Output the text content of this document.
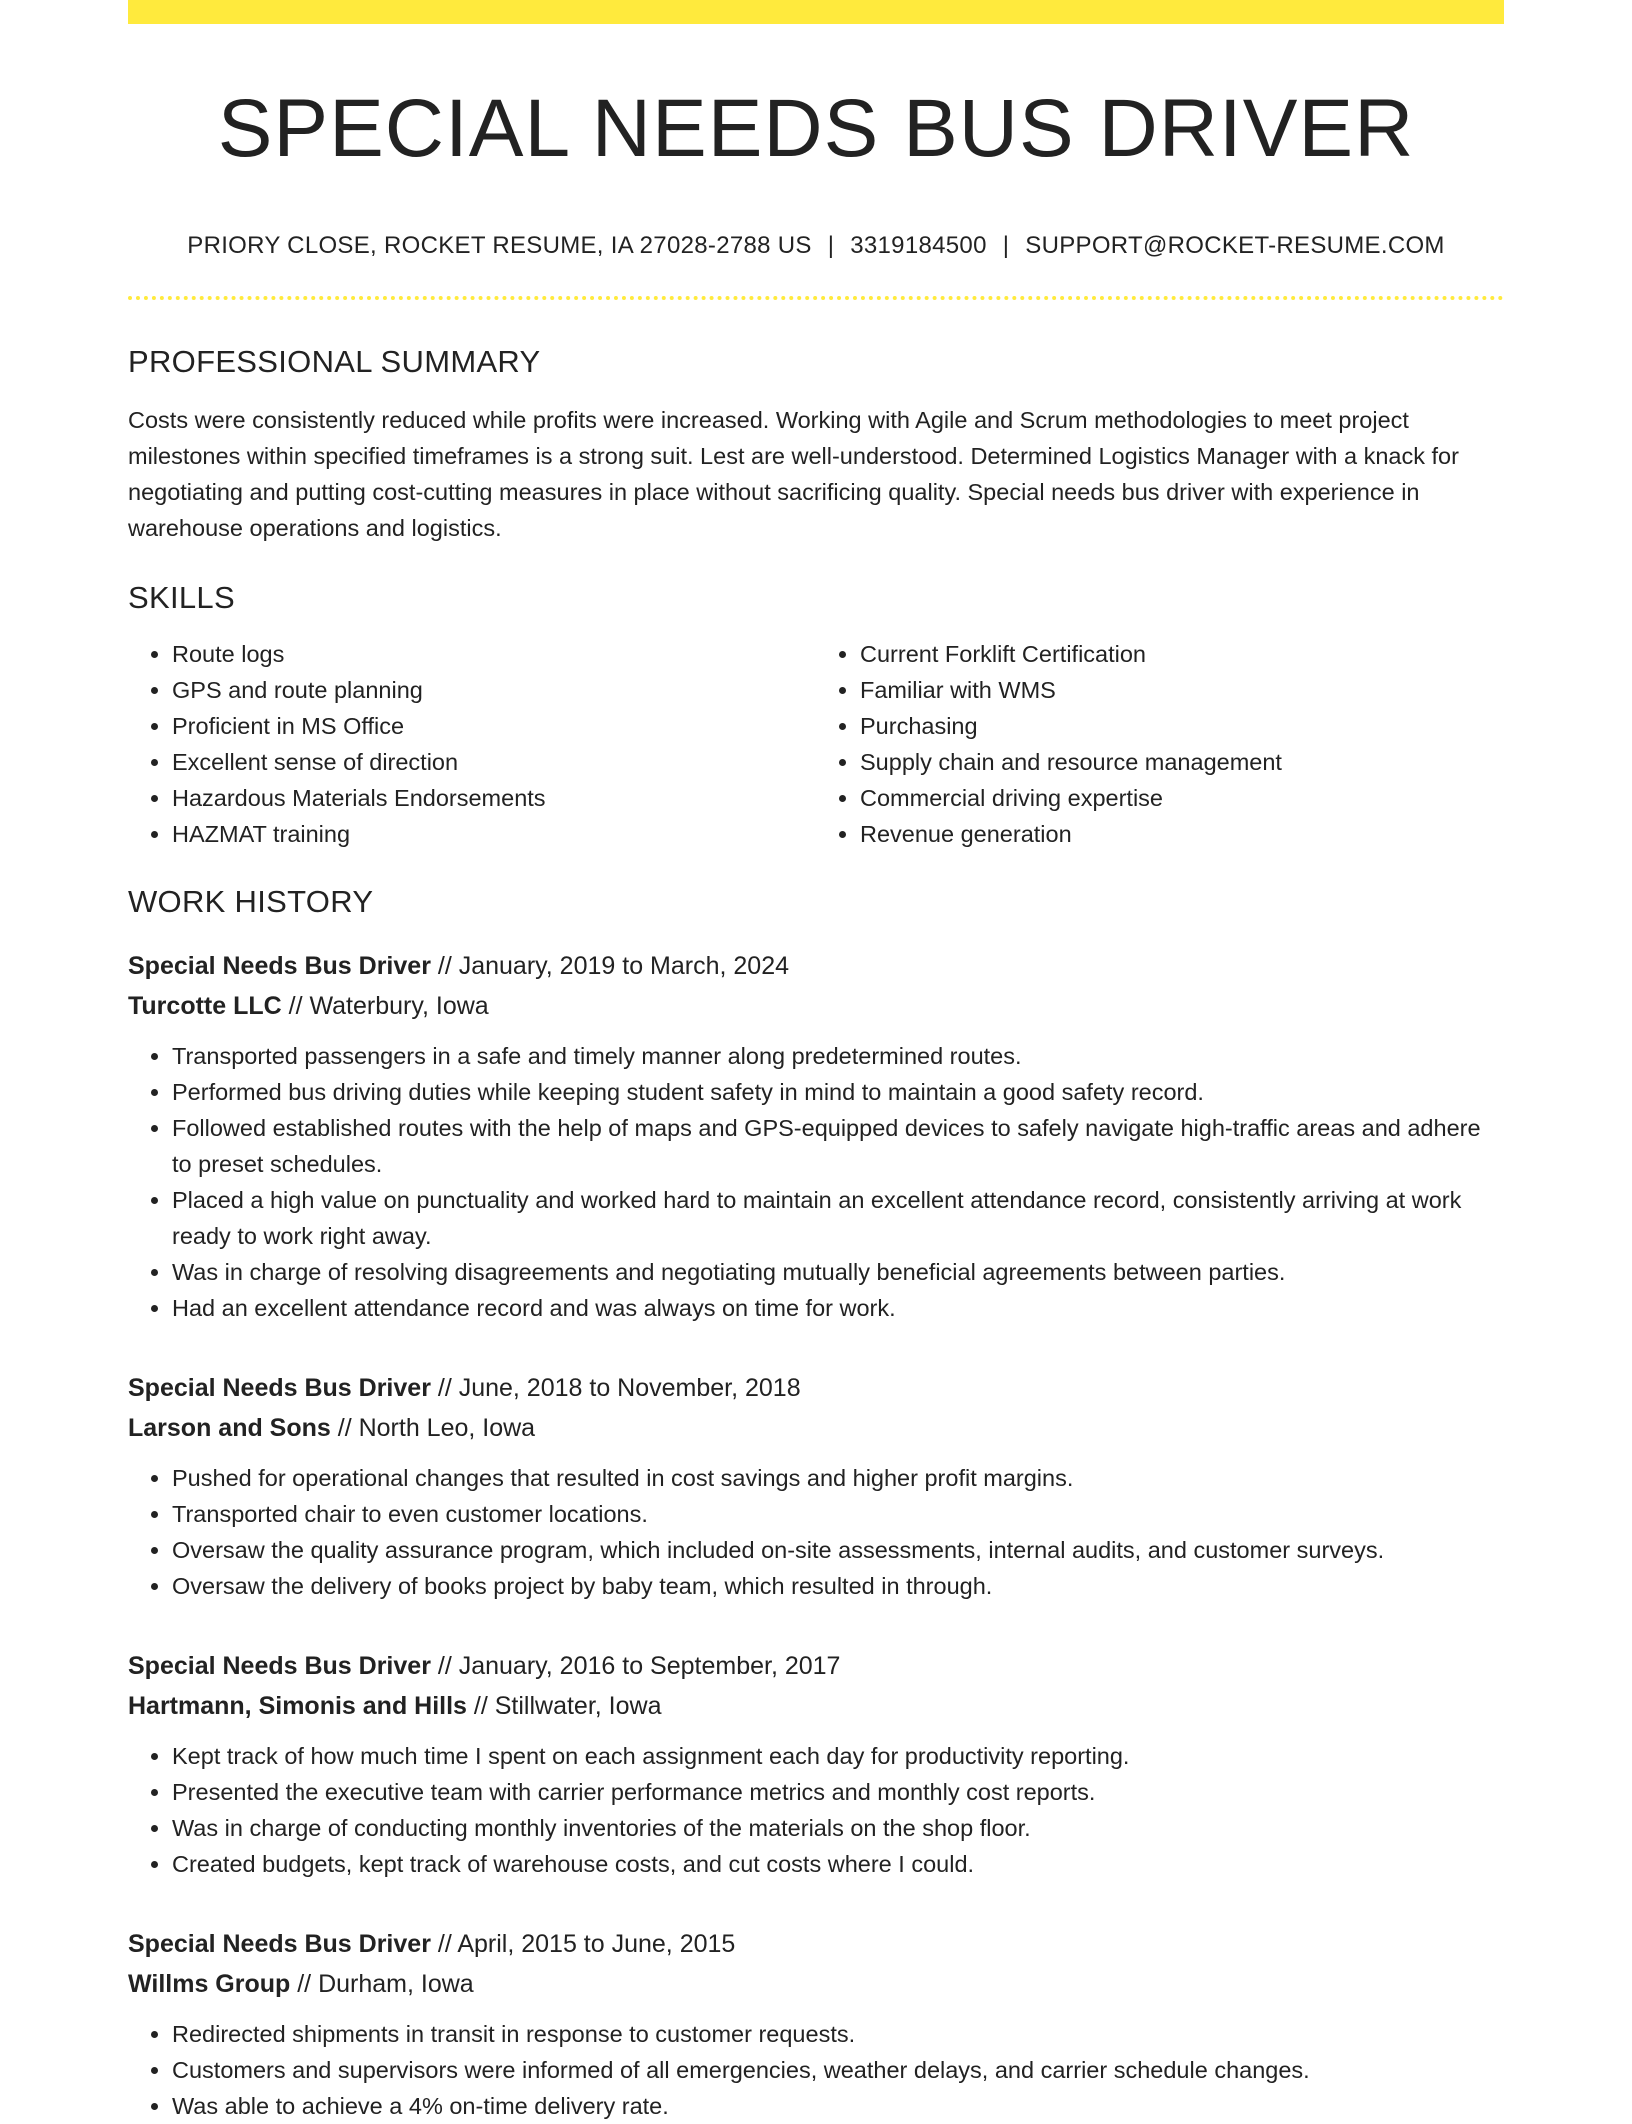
SPECIAL NEEDS BUS DRIVER
PRIORY CLOSE, ROCKET RESUME, IA 27028-2788 US | 3319184500 | SUPPORT@ROCKET-RESUME.COM
PROFESSIONAL SUMMARY

Costs were consistently reduced while profits were increased. Working with Agile and Scrum methodologies to meet project milestones within specified timeframes is a strong suit. Lest are well-understood. Determined Logistics Manager with a knack for negotiating and putting cost-cutting measures in place without sacrificing quality. Special needs bus driver with experience in warehouse operations and logistics.

SKILLS
• Route logs
• GPS and route planning
• Proficient in MS Office
• Excellent sense of direction
• Hazardous Materials Endorsements
• HAZMAT training
• Current Forklift Certification
• Familiar with WMS
• Purchasing
• Supply chain and resource management
• Commercial driving expertise
• Revenue generation
WORK HISTORY
Special Needs Bus Driver // January, 2019 to March, 2024
Turcotte LLC // Waterbury, Iowa
• Transported passengers in a safe and timely manner along predetermined routes.
• Performed bus driving duties while keeping student safety in mind to maintain a good safety record.
• Followed established routes with the help of maps and GPS-equipped devices to safely navigate high-traffic areas and adhere to preset schedules.
• Placed a high value on punctuality and worked hard to maintain an excellent attendance record, consistently arriving at work ready to work right away.
• Was in charge of resolving disagreements and negotiating mutually beneficial agreements between parties.
• Had an excellent attendance record and was always on time for work.
Special Needs Bus Driver // June, 2018 to November, 2018
Larson and Sons // North Leo, Iowa
• Pushed for operational changes that resulted in cost savings and higher profit margins.
• Transported chair to even customer locations.
• Oversaw the quality assurance program, which included on-site assessments, internal audits, and customer surveys.
• Oversaw the delivery of books project by baby team, which resulted in through.
Special Needs Bus Driver // January, 2016 to September, 2017
Hartmann, Simonis and Hills // Stillwater, Iowa
• Kept track of how much time I spent on each assignment each day for productivity reporting.
• Presented the executive team with carrier performance metrics and monthly cost reports.
• Was in charge of conducting monthly inventories of the materials on the shop floor.
• Created budgets, kept track of warehouse costs, and cut costs where I could.
Special Needs Bus Driver // April, 2015 to June, 2015
Willms Group // Durham, Iowa
• Redirected shipments in transit in response to customer requests.
• Customers and supervisors were informed of all emergencies, weather delays, and carrier schedule changes.
• Was able to achieve a 4% on-time delivery rate.
